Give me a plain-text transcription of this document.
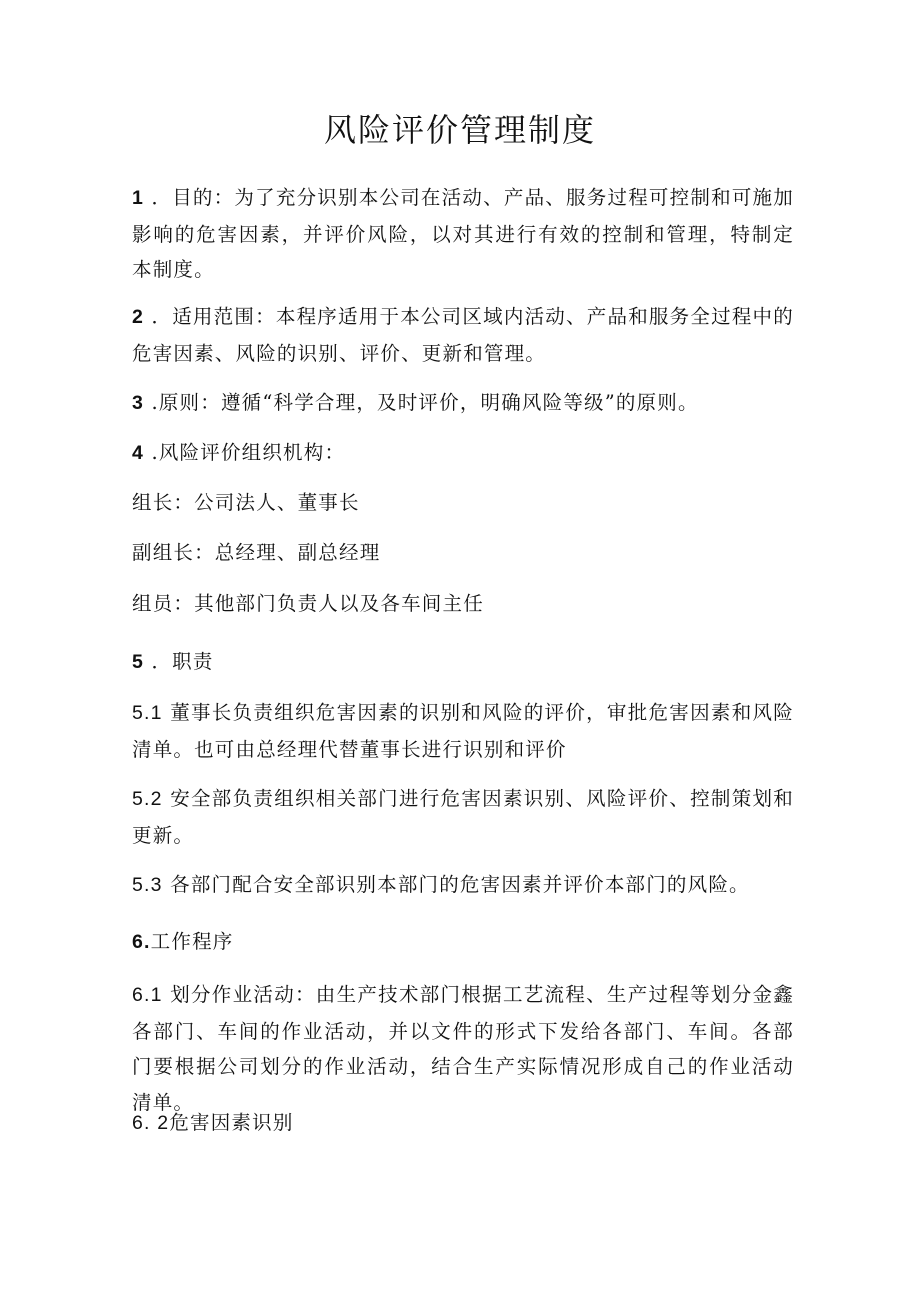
风险评价管理制度

1 ．目的：为了充分识别本公司在活动、产品、服务过程可控制和可施加影响的危害因素，并评价风险，以对其进行有效的控制和管理，特制定本制度。

2 ．适用范围：本程序适用于本公司区域内活动、产品和服务全过程中的危害因素、风险的识别、评价、更新和管理。

3 .原则：遵循“科学合理，及时评价，明确风险等级”的原则。

4 .风险评价组织机构：

组长：公司法人、董事长

副组长：总经理、副总经理

组员：其他部门负责人以及各车间主任

5 ．职责

5.1 董事长负责组织危害因素的识别和风险的评价，审批危害因素和风险清单。也可由总经理代替董事长进行识别和评价

5.2 安全部负责组织相关部门进行危害因素识别、风险评价、控制策划和更新。

5.3 各部门配合安全部识别本部门的危害因素并评价本部门的风险。

6.工作程序

6.1 划分作业活动：由生产技术部门根据工艺流程、生产过程等划分金鑫各部门、车间的作业活动，并以文件的形式下发给各部门、车间。各部门要根据公司划分的作业活动，结合生产实际情况形成自己的作业活动清单。

6. 2危害因素识别
